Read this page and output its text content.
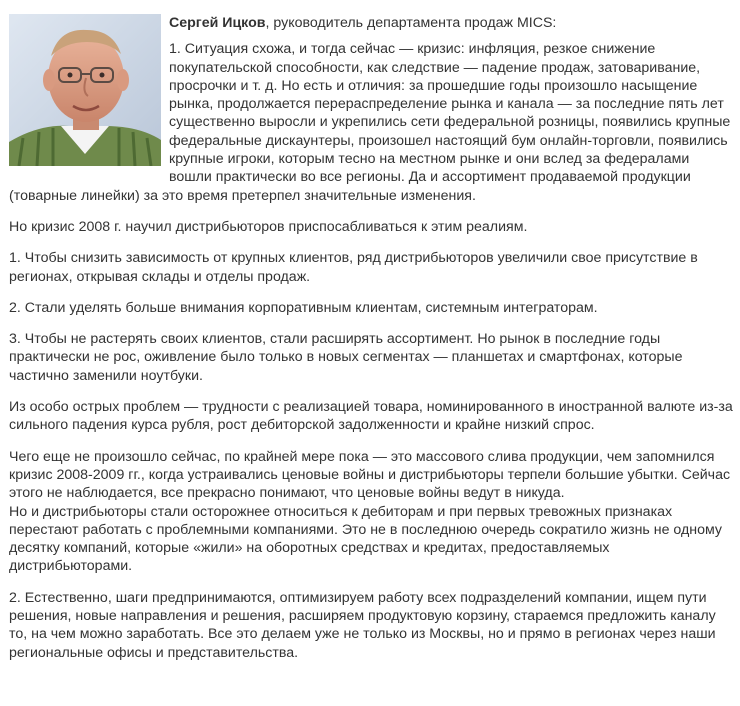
Сергей Ицков, руководитель департамента продаж MICS:

1. Ситуация схожа, и тогда сейчас — кризис: инфляция, резкое снижение покупательской способности, как следствие — падение продаж, затоваривание, просрочки и т. д. Но есть и отличия: за прошедшие годы произошло насыщение рынка, продолжается перераспределение рынка и канала — за последние пять лет существенно выросли и укрепились сети федеральной розницы, появились крупные федеральные дискаунтеры, произошел настоящий бум онлайн-торговли, появились крупные игроки, которым тесно на местном рынке и они вслед за федералами вошли практически во все регионы. Да и ассортимент продаваемой продукции (товарные линейки) за это время претерпел значительные изменения.

Но кризис 2008 г. научил дистрибьюторов приспосабливаться к этим реалиям.

1. Чтобы снизить зависимость от крупных клиентов, ряд дистрибьюторов увеличили свое присутствие в регионах, открывая склады и отделы продаж.

2. Стали уделять больше внимания корпоративным клиентам, системным интеграторам.

3. Чтобы не растерять своих клиентов, стали расширять ассортимент. Но рынок в последние годы практически не рос, оживление было только в новых сегментах — планшетах и смартфонах, которые частично заменили ноутбуки.

Из особо острых проблем — трудности с реализацией товара, номинированного в иностранной валюте из-за сильного падения курса рубля, рост дебиторской задолженности и крайне низкий спрос.

Чего еще не произошло сейчас, по крайней мере пока — это массового слива продукции, чем запомнился кризис 2008-2009 гг., когда устраивались ценовые войны и дистрибьюторы терпели большие убытки. Сейчас этого не наблюдается, все прекрасно понимают, что ценовые войны ведут в никуда.

Но и дистрибьюторы стали осторожнее относиться к дебиторам и при первых тревожных признаках перестают работать с проблемными компаниями. Это не в последнюю очередь сократило жизнь не одному десятку компаний, которые «жили» на оборотных средствах и кредитах, предоставляемых дистрибьюторами.

2. Естественно, шаги предпринимаются, оптимизируем работу всех подразделений компании, ищем пути решения, новые направления и решения, расширяем продуктовую корзину, стараемся предложить каналу то, на чем можно заработать. Все это делаем уже не только из Москвы, но и прямо в регионах через наши региональные офисы и представительства.
